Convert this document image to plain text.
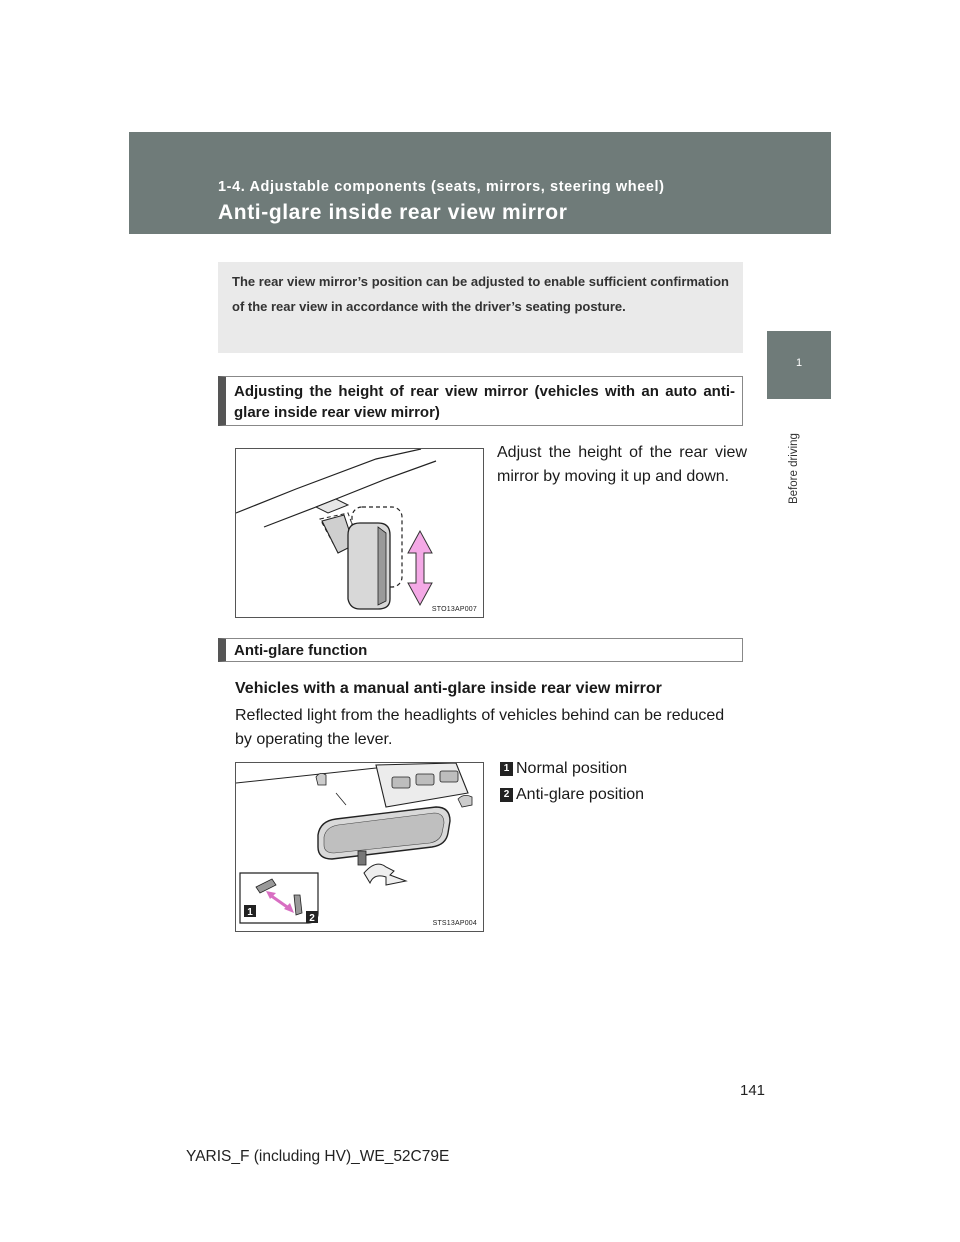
1-4. Adjustable components (seats, mirrors, steering wheel)
Anti-glare inside rear view mirror
1
Before driving
The rear view mirror’s position can be adjusted to enable sufficient confirmation of the rear view in accordance with the driver’s seating posture.
Adjusting the height of rear view mirror (vehicles with an auto anti-glare inside rear view mirror)
Adjust the height of the rear view mirror by moving it up and down.
STO13AP007
Anti-glare function
Vehicles with a manual anti-glare inside rear view mirror
Reflected light from the headlights of vehicles behind can be reduced by operating the lever.
1 Normal position
2 Anti-glare position
1
2	STS13AP004
141
YARIS_F (including HV)_WE_52C79E
